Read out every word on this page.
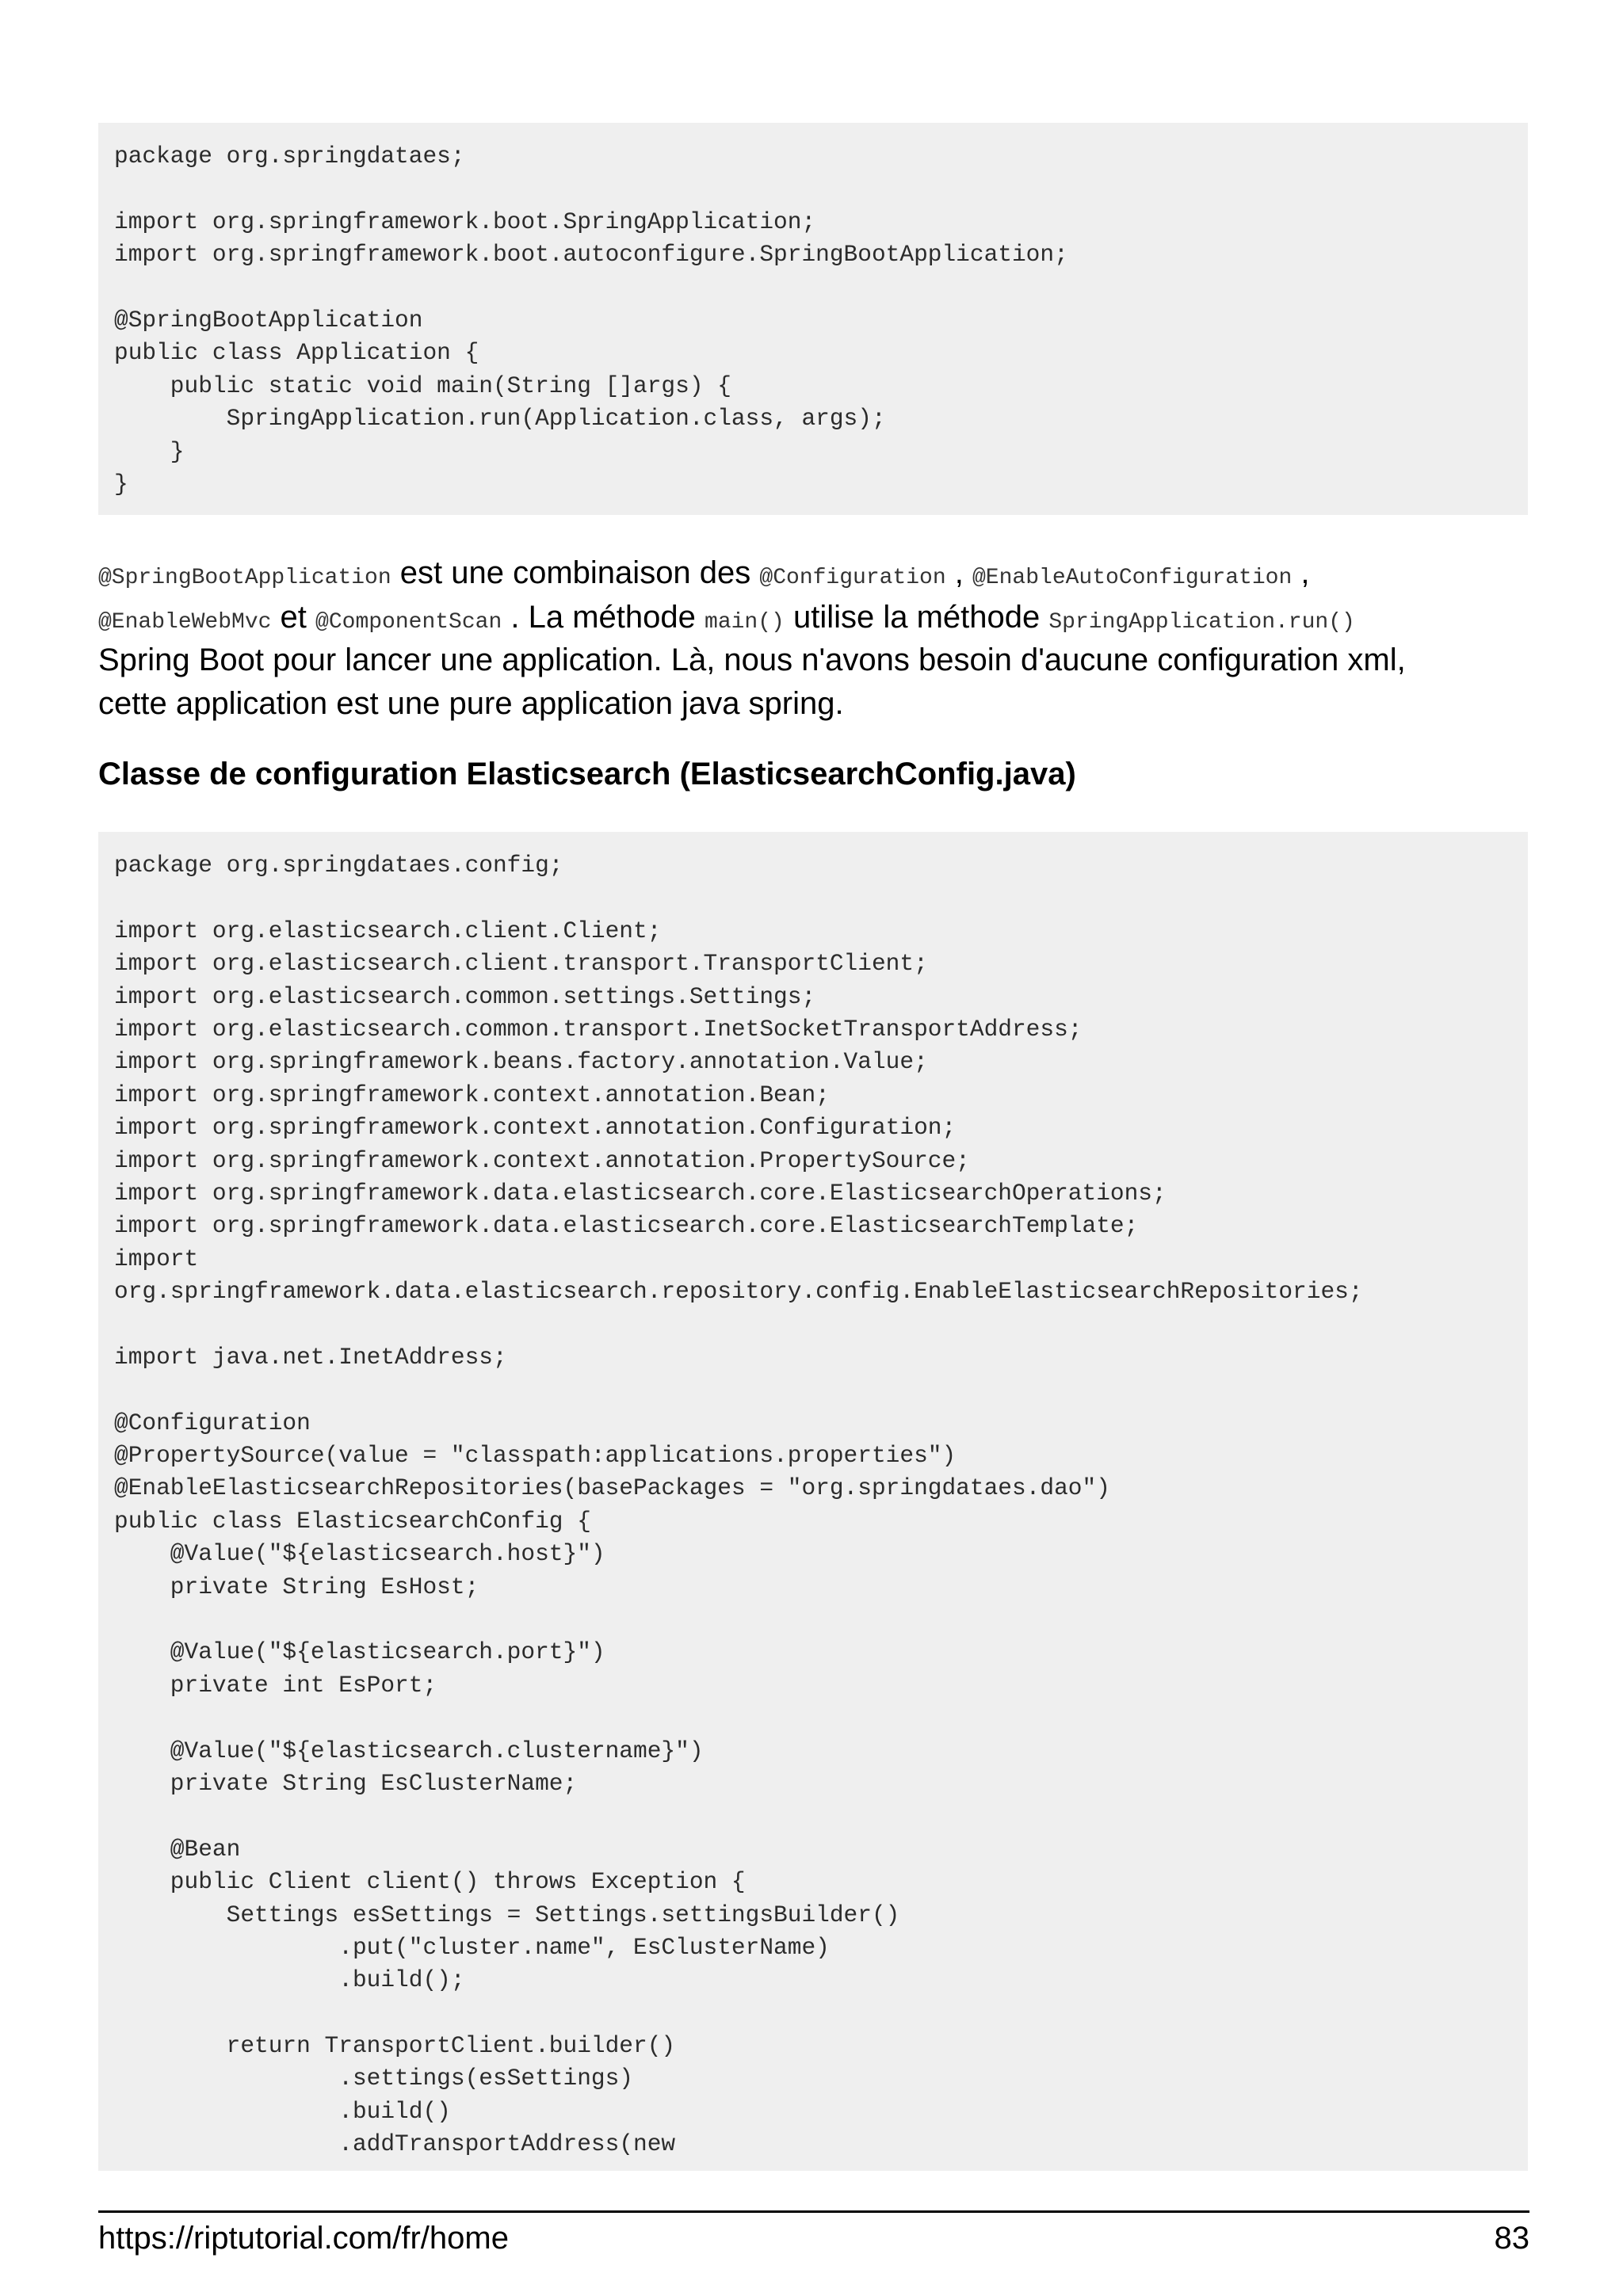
package org.springdataes;
import org.springframework.boot.SpringApplication;
import org.springframework.boot.autoconfigure.SpringBootApplication;
@SpringBootApplication
public class Application {
public static void main(String []args) {
SpringApplication.run(Application.class, args);
}
}
@SpringBootApplication est une combinaison des @Configuration , @EnableAutoConfiguration ,
@EnableWebMvc et @ComponentScan . La méthode main() utilise la méthode SpringApplication.run()
Spring Boot pour lancer une application. Là, nous n'avons besoin d'aucune configuration xml,
cette application est une pure application java spring.
Classe de configuration Elasticsearch (ElasticsearchConfig.java)
package org.springdataes.config;
import org.elasticsearch.client.Client;
import org.elasticsearch.client.transport.TransportClient;
import org.elasticsearch.common.settings.Settings;
import org.elasticsearch.common.transport.InetSocketTransportAddress;
import org.springframework.beans.factory.annotation.Value;
import org.springframework.context.annotation.Bean;
import org.springframework.context.annotation.Configuration;
import org.springframework.context.annotation.PropertySource;
import org.springframework.data.elasticsearch.core.ElasticsearchOperations;
import org.springframework.data.elasticsearch.core.ElasticsearchTemplate;
import
org.springframework.data.elasticsearch.repository.config.EnableElasticsearchRepositories;
import java.net.InetAddress;
@Configuration
@PropertySource(value = "classpath:applications.properties")
@EnableElasticsearchRepositories(basePackages = "org.springdataes.dao")
public class ElasticsearchConfig {
@Value("${elasticsearch.host}")
private String EsHost;
@Value("${elasticsearch.port}")
private int EsPort;
@Value("${elasticsearch.clustername}")
private String EsClusterName;
@Bean
public Client client() throws Exception {
Settings esSettings = Settings.settingsBuilder()
.put("cluster.name", EsClusterName)
.build();
return TransportClient.builder()
.settings(esSettings)
.build()
.addTransportAddress(new
https://riptutorial.com/fr/home	83
